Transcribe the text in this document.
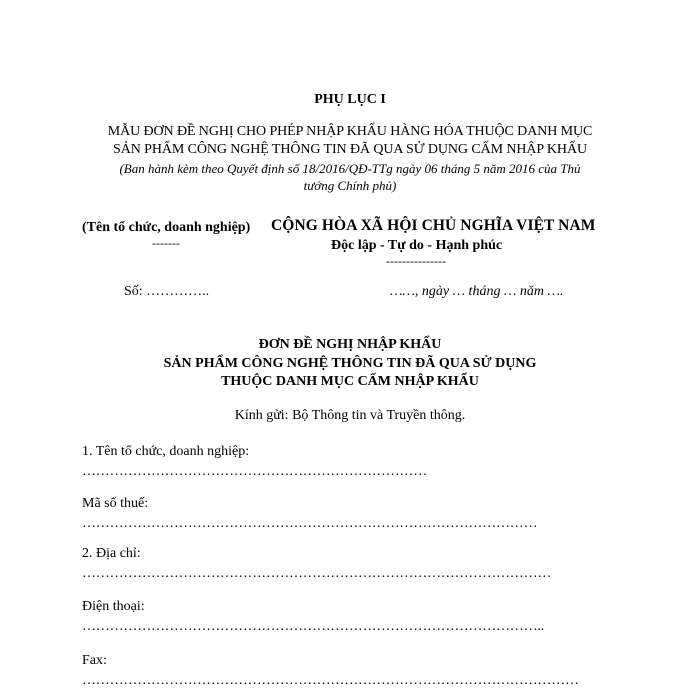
PHỤ LỤC I
MẪU ĐƠN ĐỀ NGHỊ CHO PHÉP NHẬP KHẨU HÀNG HÓA THUỘC DANH MỤC
SẢN PHẨM CÔNG NGHỆ THÔNG TIN ĐÃ QUA SỬ DỤNG CẤM NHẬP KHẨU
(Ban hành kèm theo Quyết định số 18/2016/QĐ-TTg ngày 06 tháng 5 năm 2016 của Thủ
tướng Chính phủ)
(Tên tổ chức, doanh nghiệp)
-------
CỘNG HÒA XÃ HỘI CHỦ NGHĨA VIỆT NAM
Độc lập - Tự do - Hạnh phúc
---------------
Số: …………..	……, ngày … tháng … năm ….
ĐƠN ĐỀ NGHỊ NHẬP KHẨU
SẢN PHẨM CÔNG NGHỆ THÔNG TIN ĐÃ QUA SỬ DỤNG
THUỘC DANH MỤC CẤM NHẬP KHẨU
Kính gửi: Bộ Thông tin và Truyền thông.
1. Tên tổ chức, doanh nghiệp:
…………………………………………………………………
Mã số thuế:
………………………………………………………………………………………
2. Địa chỉ:
…………………………………………………………………………………………
Điện thoại:
………………………………………………………………………………………..
Fax:
………………………………………………………………………………………………
